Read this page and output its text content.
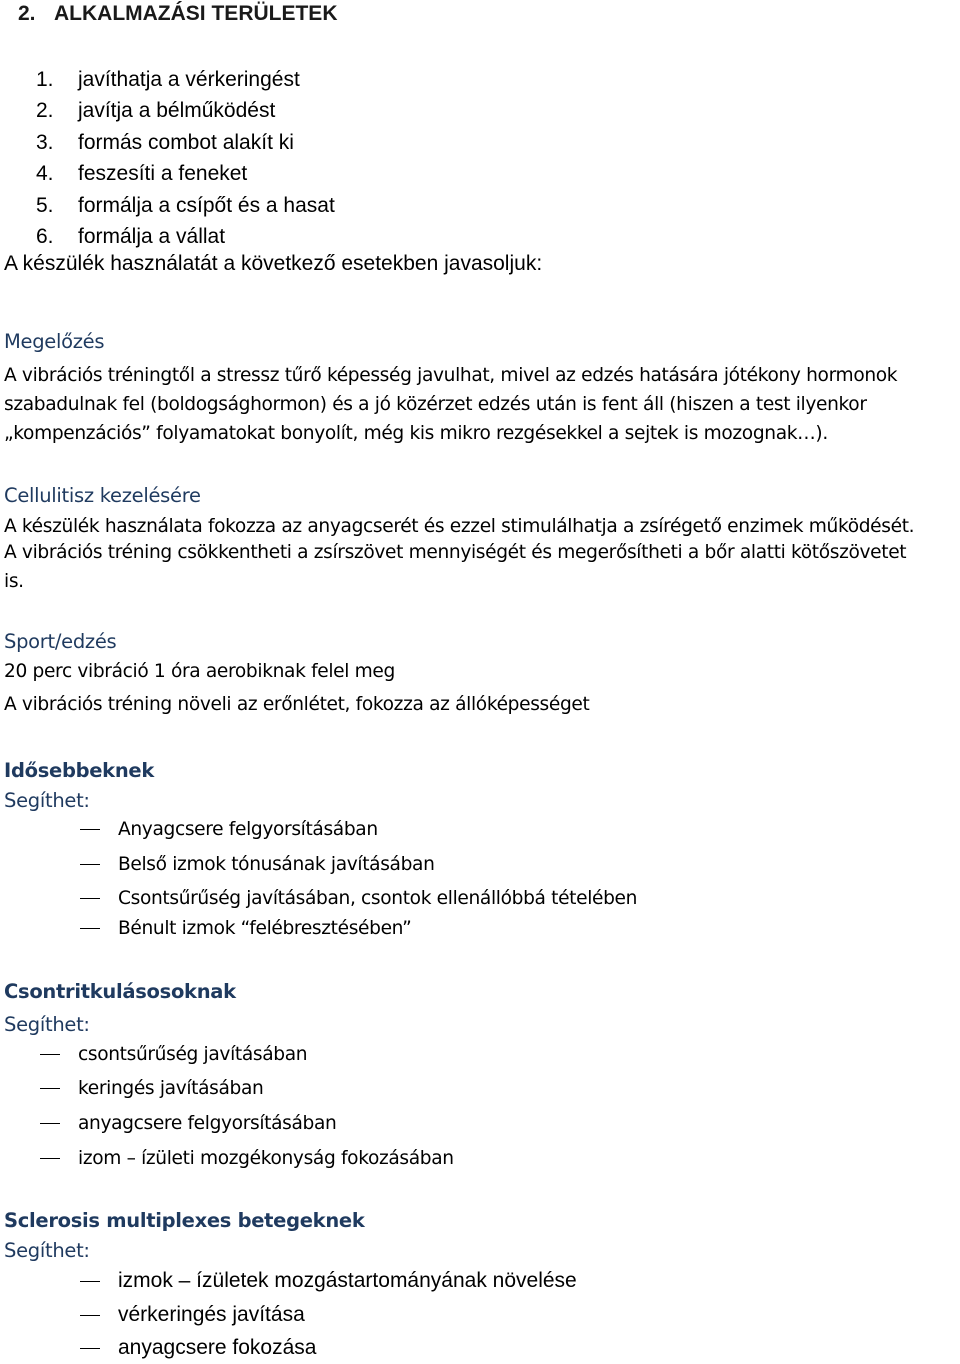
2. ALKALMAZÁSI TERÜLETEK
1. javíthatja a vérkeringést
2. javítja a bélműködést
3. formás combot alakít ki
4. feszesíti a feneket
5. formálja a csípőt és a hasat
6. formálja a vállat
A készülék használatát a következő esetekben javasoljuk:
Megelőzés
A vibrációs tréningtől a stressz tűrő képesség javulhat, mivel az edzés hatására jótékony hormonok
szabadulnak fel (boldogsághormon) és a jó közérzet edzés után is fent áll (hiszen a test ilyenkor
„kompenzációs” folyamatokat bonyolít, még kis mikro rezgésekkel a sejtek is mozognak…).
Cellulitisz kezelésére
A készülék használata fokozza az anyagcserét és ezzel stimulálhatja a zsírégető enzimek működését.
A vibrációs tréning csökkentheti a zsírszövet mennyiségét és megerősítheti a bőr alatti kötőszövetet
is.
Sport/edzés
20 perc vibráció 1 óra aerobiknak felel meg
A vibrációs tréning növeli az erőnlétet, fokozza az állóképességet
Idősebbeknek
Segíthet:
Anyagcsere felgyorsításában
Belső izmok tónusának javításában
Csontsűrűség javításában, csontok ellenállóbbá tételében
Bénult izmok “felébresztésében”
Csontritkulásosoknak
Segíthet:
csontsűrűség javításában
keringés javításában
anyagcsere felgyorsításában
izom – ízületi mozgékonyság fokozásában
Sclerosis multiplexes betegeknek
Segíthet:
izmok – ízületek mozgástartományának növelése
vérkeringés javítása
anyagcsere fokozása
